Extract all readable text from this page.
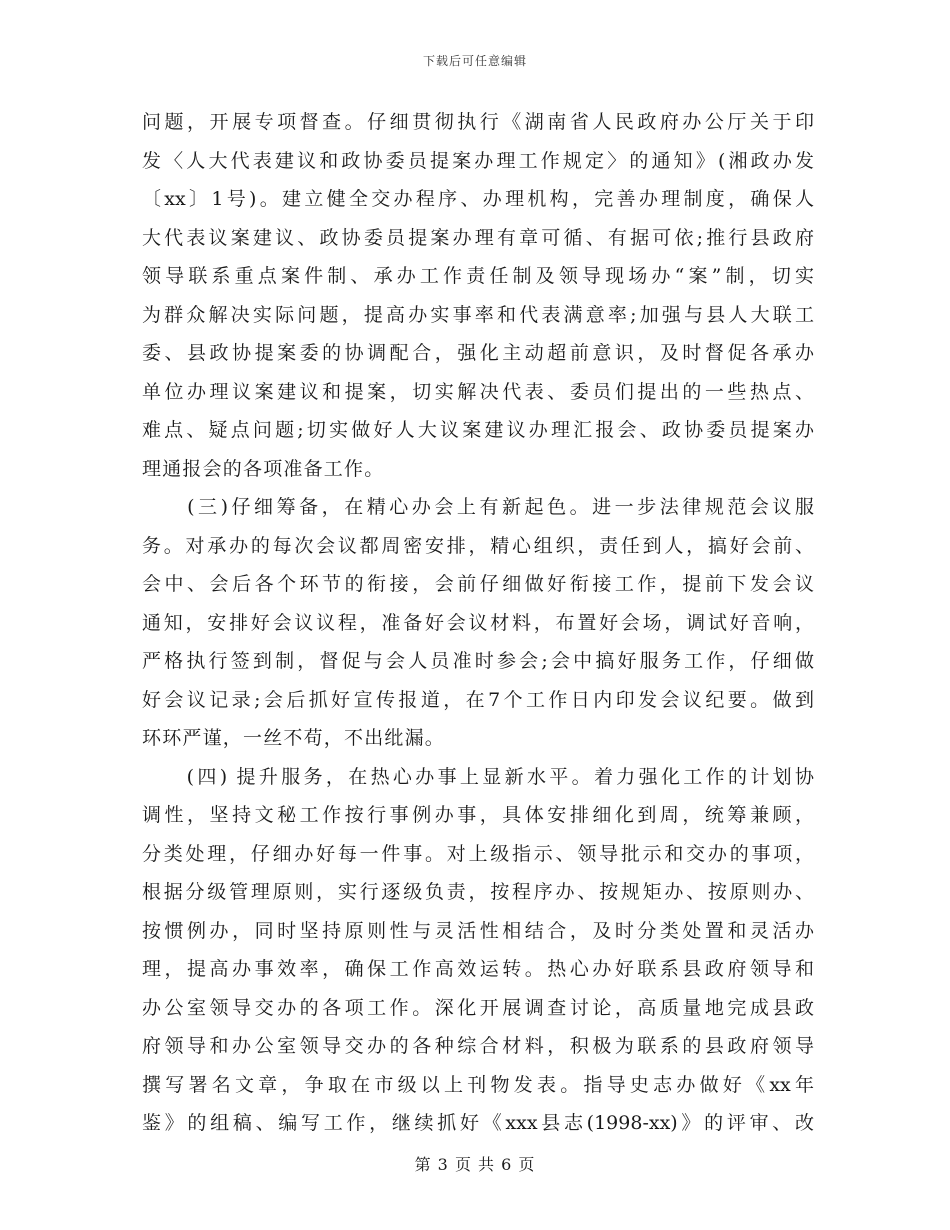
下载后可任意编辑
问题，开展专项督查。仔细贯彻执行《湖南省人民政府办公厅关于印
发〈人大代表建议和政协委员提案办理工作规定〉的通知》(湘政办发
〔xx〕1号)。建立健全交办程序、办理机构，完善办理制度，确保人
大代表议案建议、政协委员提案办理有章可循、有据可依;推行县政府
领导联系重点案件制、承办工作责任制及领导现场办“案”制，切实
为群众解决实际问题，提高办实事率和代表满意率;加强与县人大联工
委、县政协提案委的协调配合，强化主动超前意识，及时督促各承办
单位办理议案建议和提案，切实解决代表、委员们提出的一些热点、
难点、疑点问题;切实做好人大议案建议办理汇报会、政协委员提案办
理通报会的各项准备工作。
　　(三)仔细筹备，在精心办会上有新起色。进一步法律规范会议服
务。对承办的每次会议都周密安排，精心组织，责任到人，搞好会前、
会中、会后各个环节的衔接，会前仔细做好衔接工作，提前下发会议
通知，安排好会议议程，准备好会议材料，布置好会场，调试好音响，
严格执行签到制，督促与会人员准时参会;会中搞好服务工作，仔细做
好会议记录;会后抓好宣传报道，在7个工作日内印发会议纪要。做到
环环严谨，一丝不苟，不出纰漏。
　　(四) 提升服务，在热心办事上显新水平。着力强化工作的计划协
调性，坚持文秘工作按行事例办事，具体安排细化到周，统筹兼顾，
分类处理，仔细办好每一件事。对上级指示、领导批示和交办的事项，
根据分级管理原则，实行逐级负责，按程序办、按规矩办、按原则办、
按惯例办，同时坚持原则性与灵活性相结合，及时分类处置和灵活办
理，提高办事效率，确保工作高效运转。热心办好联系县政府领导和
办公室领导交办的各项工作。深化开展调查讨论，高质量地完成县政
府领导和办公室领导交办的各种综合材料，积极为联系的县政府领导
撰写署名文章，争取在市级以上刊物发表。指导史志办做好《xx年
鉴》的组稿、编写工作，继续抓好《xxx县志(1998-xx)》的评审、改
第 3 页 共 6 页
